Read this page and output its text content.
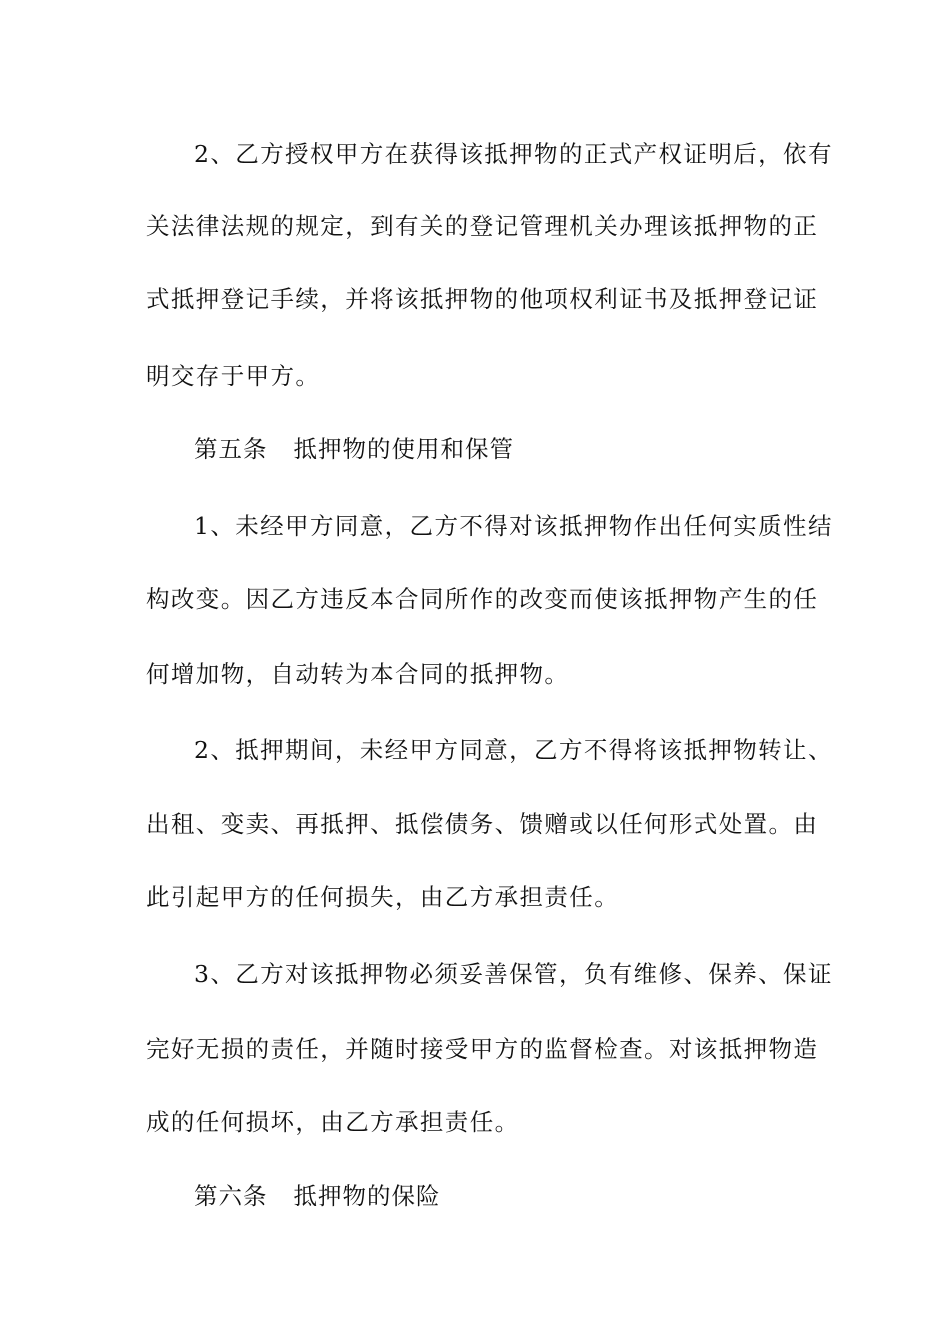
2、乙方授权甲方在获得该抵押物的正式产权证明后，依有
关法律法规的规定，到有关的登记管理机关办理该抵押物的正
式抵押登记手续，并将该抵押物的他项权利证书及抵押登记证
明交存于甲方。
第五条 抵押物的使用和保管
1、未经甲方同意，乙方不得对该抵押物作出任何实质性结
构改变。因乙方违反本合同所作的改变而使该抵押物产生的任
何增加物，自动转为本合同的抵押物。
2、抵押期间，未经甲方同意，乙方不得将该抵押物转让、
出租、变卖、再抵押、抵偿债务、馈赠或以任何形式处置。由
此引起甲方的任何损失，由乙方承担责任。
3、乙方对该抵押物必须妥善保管，负有维修、保养、保证
完好无损的责任，并随时接受甲方的监督检查。对该抵押物造
成的任何损坏，由乙方承担责任。
第六条 抵押物的保险
